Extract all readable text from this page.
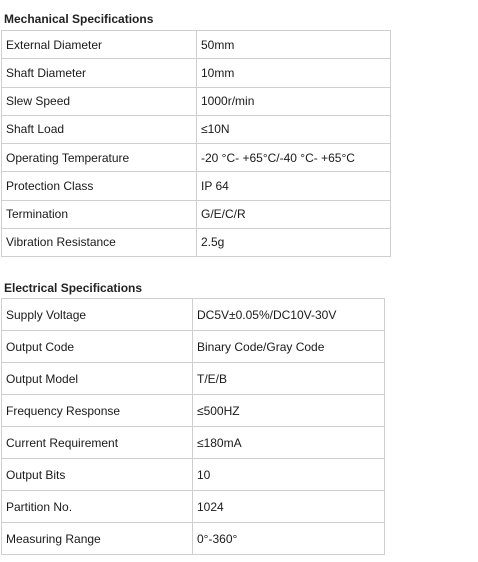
Mechanical Specifications
External Diameter	50mm
Shaft Diameter	10mm
Slew Speed	1000r/min
Shaft Load	≤10N
Operating Temperature	-20 °C- +65°C/-40 °C- +65°C
Protection Class	IP 64
Termination	G/E/C/R
Vibration Resistance	2.5g
Electrical Specifications
Supply Voltage	DC5V±0.05%/DC10V-30V
Output Code	Binary Code/Gray Code
Output Model	T/E/B
Frequency Response	≤500HZ
Current Requirement	≤180mA
Output Bits	10
Partition No.	1024
Measuring Range	0°-360°
